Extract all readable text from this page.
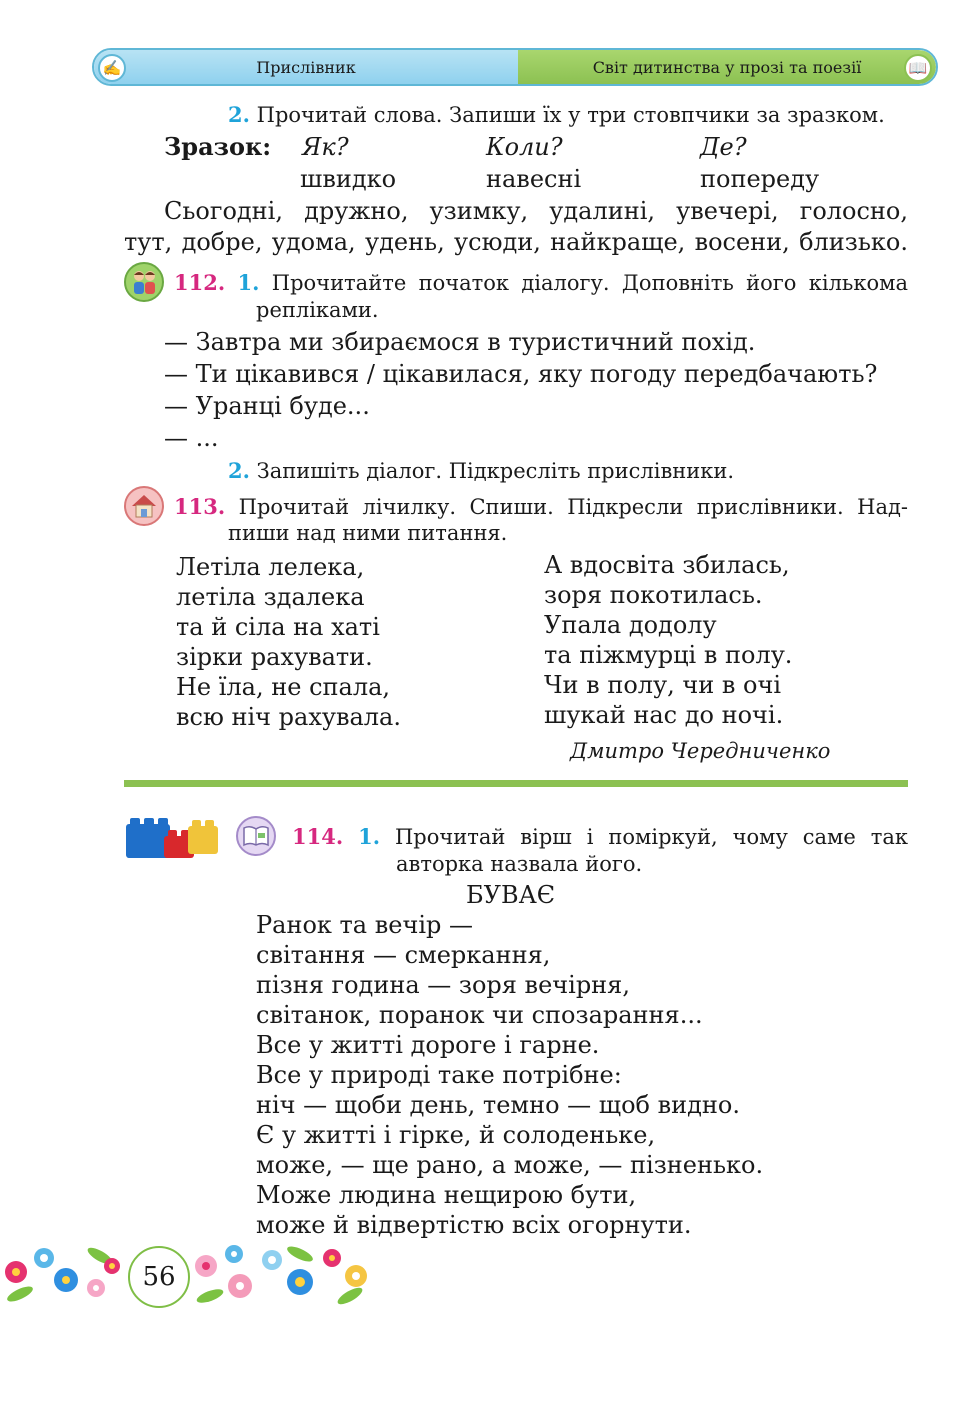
✍	Прислівник	Світ дитинства у прозі та поезії	📖
2. Прочитай слова. Запиши їх у три стовпчики за зразком.
Зразок: Як?	Коли?	Де?
швидко	навесні	попереду
Сьогодні, дружно, узимку, удалині, увечері, голосно,
тут, добре, удома, удень, усюди, найкраще, восени, близько.
112. 1. Прочитайте початок діалогу. Доповніть його кількома
репліками.
— Завтра ми збираємося в туристичний похід.
— Ти цікавився / цікавилася, яку погоду передбачають?
— Уранці буде...
— ...
2. Запишіть діалог. Підкресліть прислівники.
113. Прочитай лічилку. Спиши. Підкресли прислівники. Над-
пиши над ними питання.
Летіла лелека,
летіла здалека
та й сіла на хаті
зірки рахувати.
Не їла, не спала,
всю ніч рахувала.
А вдосвіта збилась,
зоря покотилась.
Упала додолу
та піжмурці в полу.
Чи в полу, чи в очі
шукай нас до ночі.
Дмитро Чередниченко
114. 1. Прочитай вірш і поміркуй, чому саме так
авторка назвала його.
БУВАЄ
Ранок та вечір —
світання — смеркання,
пізня година — зоря вечірня,
світанок, поранок чи спозарання...
Все у житті дороге і гарне.
Все у природі таке потрібне:
ніч — щоби день, темно — щоб видно.
Є у житті і гірке, й солоденьке,
може, — ще рано, а може, — пізненько.
Може людина нещирою бути,
може й відвертістю всіх огорнути.
56
